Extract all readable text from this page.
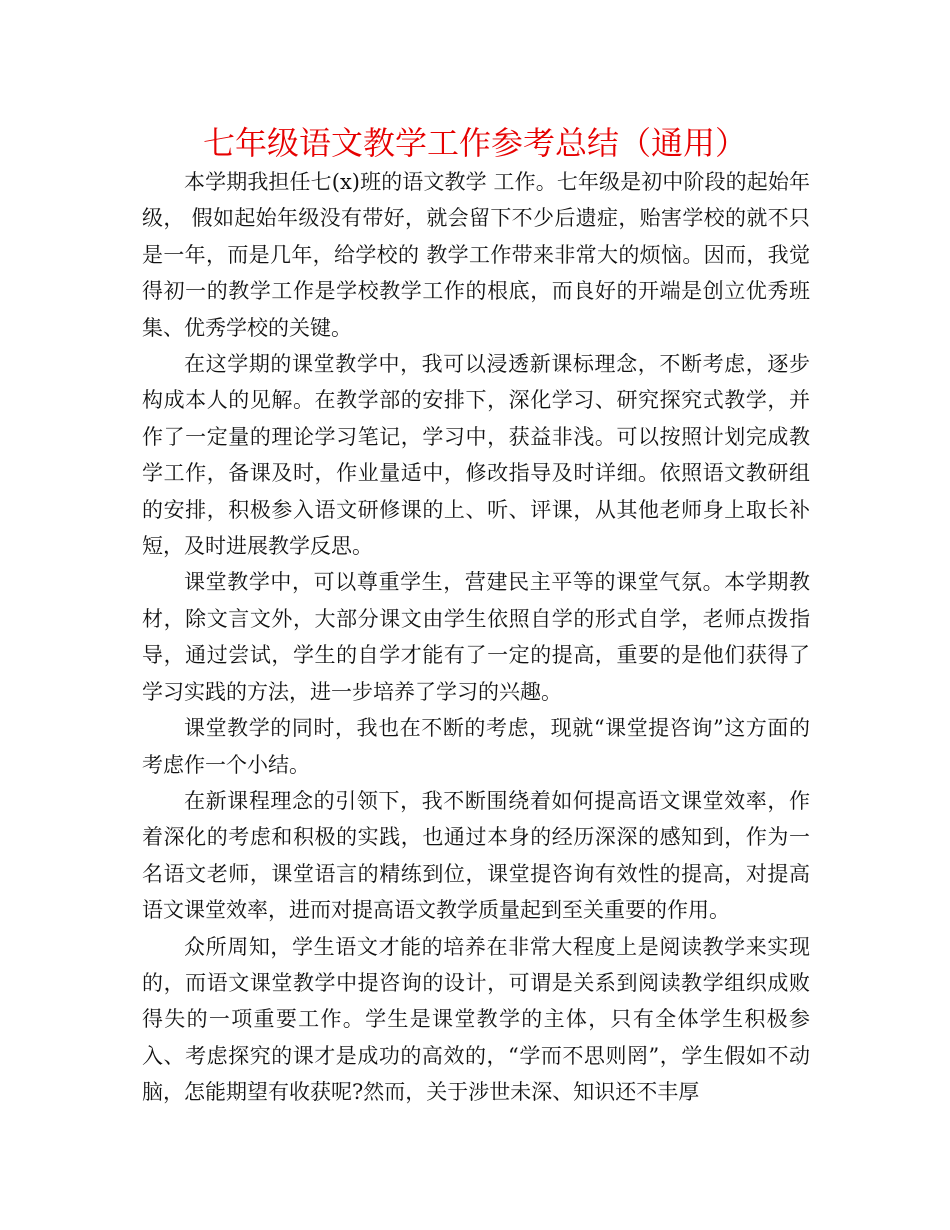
七年级语文教学工作参考总结（通用）

本学期我担任七(x)班的语文教学 工作。七年级是初中阶段的起始年级， 假如起始年级没有带好，就会留下不少后遗症，贻害学校的就不只是一年，而是几年，给学校的 教学工作带来非常大的烦恼。因而，我觉得初一的教学工作是学校教学工作的根底，而良好的开端是创立优秀班集、优秀学校的关键。

在这学期的课堂教学中，我可以浸透新课标理念，不断考虑，逐步构成本人的见解。在教学部的安排下，深化学习、研究探究式教学，并作了一定量的理论学习笔记，学习中，获益非浅。可以按照计划完成教学工作，备课及时，作业量适中，修改指导及时详细。依照语文教研组的安排，积极参入语文研修课的上、听、评课，从其他老师身上取长补短，及时进展教学反思。

课堂教学中，可以尊重学生，营建民主平等的课堂气氛。本学期教材，除文言文外，大部分课文由学生依照自学的形式自学，老师点拨指导，通过尝试，学生的自学才能有了一定的提高，重要的是他们获得了学习实践的方法，进一步培养了学习的兴趣。

课堂教学的同时，我也在不断的考虑，现就“课堂提咨询”这方面的考虑作一个小结。

在新课程理念的引领下，我不断围绕着如何提高语文课堂效率，作着深化的考虑和积极的实践，也通过本身的经历深深的感知到，作为一名语文老师，课堂语言的精练到位，课堂提咨询有效性的提高，对提高语文课堂效率，进而对提高语文教学质量起到至关重要的作用。

众所周知，学生语文才能的培养在非常大程度上是阅读教学来实现的，而语文课堂教学中提咨询的设计，可谓是关系到阅读教学组织成败得失的一项重要工作。学生是课堂教学的主体，只有全体学生积极参入、考虑探究的课才是成功的高效的，“学而不思则罔”，学生假如不动脑，怎能期望有收获呢?然而，关于涉世未深、知识还不丰厚
